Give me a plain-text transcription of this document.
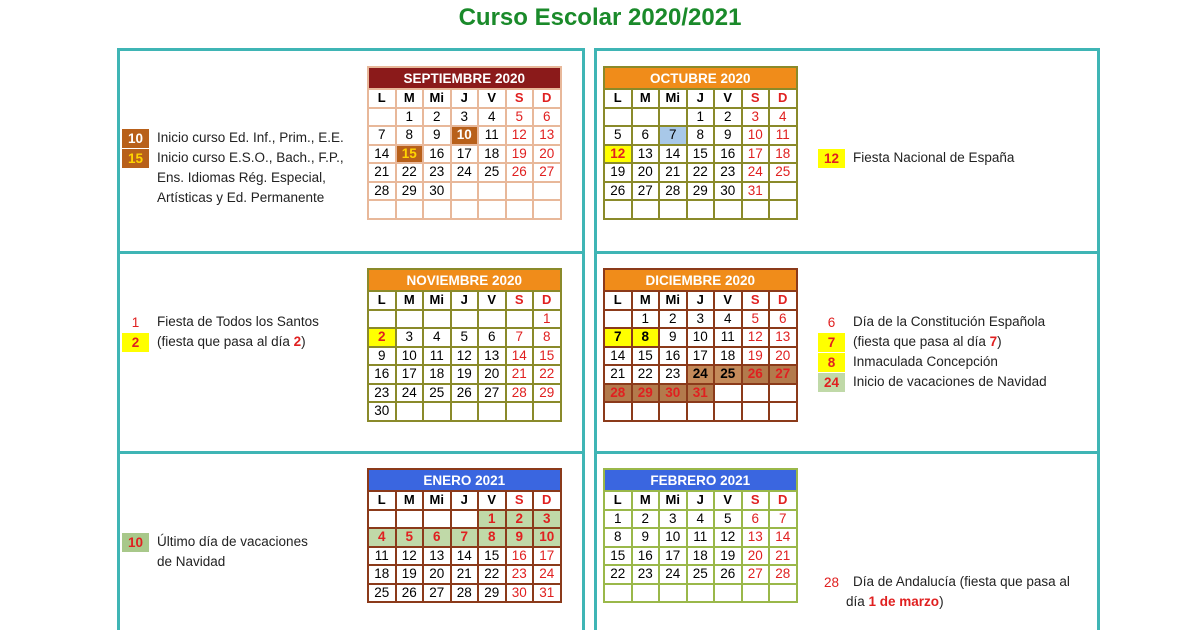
Curso Escolar 2020/2021
SEPTIEMBRE 2020						
L	M	Mi	J	V	S	D
	1	2	3	4	5	6
7	8	9	10	11	12	13
14	15	16	17	18	19	20
21	22	23	24	25	26	27
28	29	30				

10	Inicio curso Ed. Inf., Prim., E.E.
15	Inicio curso E.S.O., Bach., F.P.,
Ens. Idiomas Rég. Especial,
Artísticas y Ed. Permanente
OCTUBRE 2020						
L	M	Mi	J	V	S	D
			1	2	3	4
5	6	7	8	9	10	11
12	13	14	15	16	17	18
19	20	21	22	23	24	25
26	27	28	29	30	31	

12	Fiesta Nacional de España
NOVIEMBRE 2020						
L	M	Mi	J	V	S	D
						1
2	3	4	5	6	7	8
9	10	11	12	13	14	15
16	17	18	19	20	21	22
23	24	25	26	27	28	29
30						
1	Fiesta de Todos los Santos
2	(fiesta que pasa al día 2)
DICIEMBRE 2020						
L	M	Mi	J	V	S	D
	1	2	3	4	5	6
7	8	9	10	11	12	13
14	15	16	17	18	19	20
21	22	23	24	25	26	27
28	29	30	31			

6	Día de la Constitución Española
7	(fiesta que pasa al día 7)
8	Inmaculada Concepción
24	Inicio de vacaciones de Navidad
ENERO 2021						
L	M	Mi	J	V	S	D
				1	2	3
4	5	6	7	8	9	10
11	12	13	14	15	16	17
18	19	20	21	22	23	24
25	26	27	28	29	30	31
10	Último día de vacaciones
de Navidad
FEBRERO 2021						
L	M	Mi	J	V	S	D
1	2	3	4	5	6	7
8	9	10	11	12	13	14
15	16	17	18	19	20	21
22	23	24	25	26	27	28

28	Día de Andalucía (fiesta que pasa al
día 1 de marzo)
